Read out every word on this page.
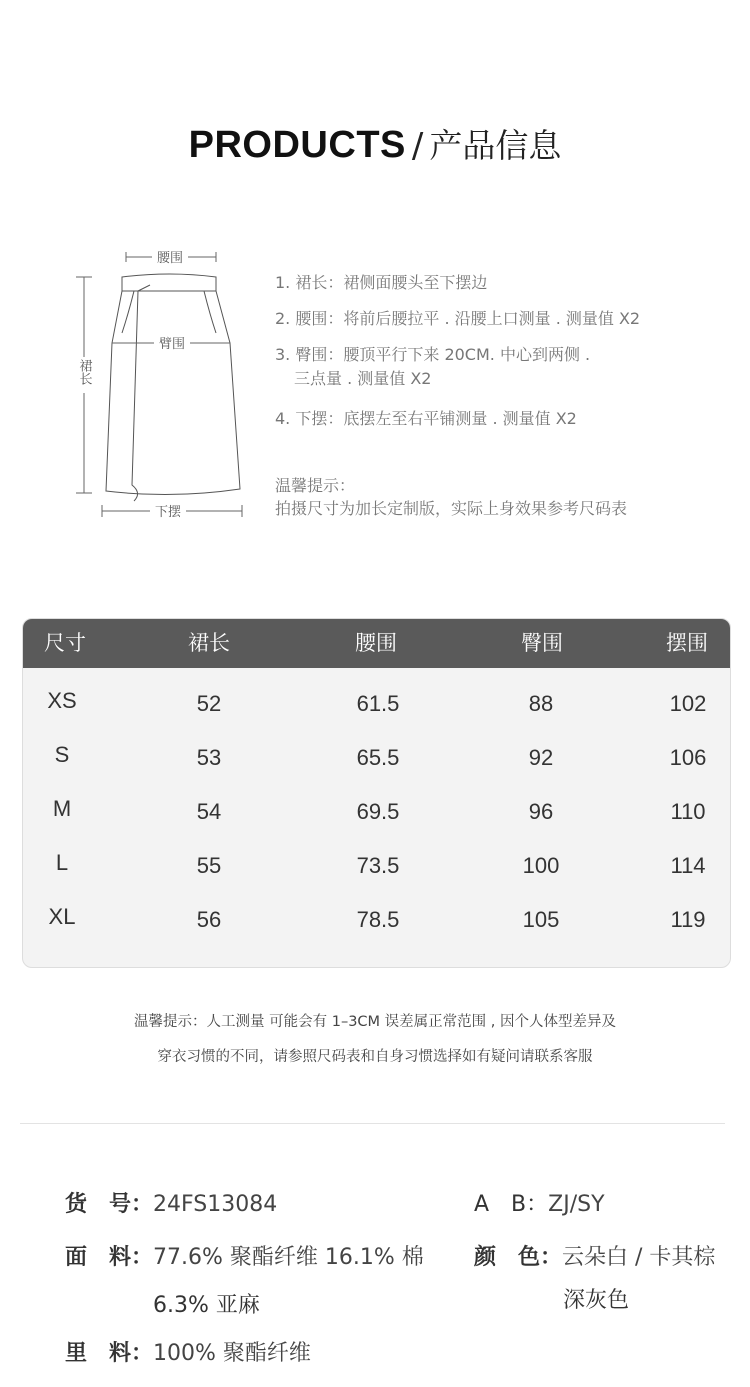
PRODUCTS / 产品信息
腰围
裙长
臂围
下摆
1. 裙长：裙侧面腰头至下摆边
2. 腰围：将前后腰拉平 . 沿腰上口测量 . 测量值 X2
3. 臀围：腰顶平行下来 20CM. 中心到两侧 .
三点量 . 测量值 X2
4. 下摆：底摆左至右平铺测量 . 测量值 X2
温馨提示：
拍摄尺寸为加长定制版，实际上身效果参考尺码表
尺寸	裙长	腰围	臀围	摆围
XS	52	61.5	88	102
S	53	65.5	92	106
M	54	69.5	96	110
L	55	73.5	100	114
XL	56	78.5	105	119
温馨提示：人工测量 可能会有 1–3CM 误差属正常范围 , 因个人体型差异及
穿衣习惯的不同，请参照尺码表和自身习惯选择如有疑问请联系客服
货　号：24FS13084	A　B：ZJ/SY
面　料：77.6% 聚酯纤维 16.1% 棉
6.3% 亚麻
颜　色：云朵白 / 卡其棕
深灰色
里　料：100% 聚酯纤维
